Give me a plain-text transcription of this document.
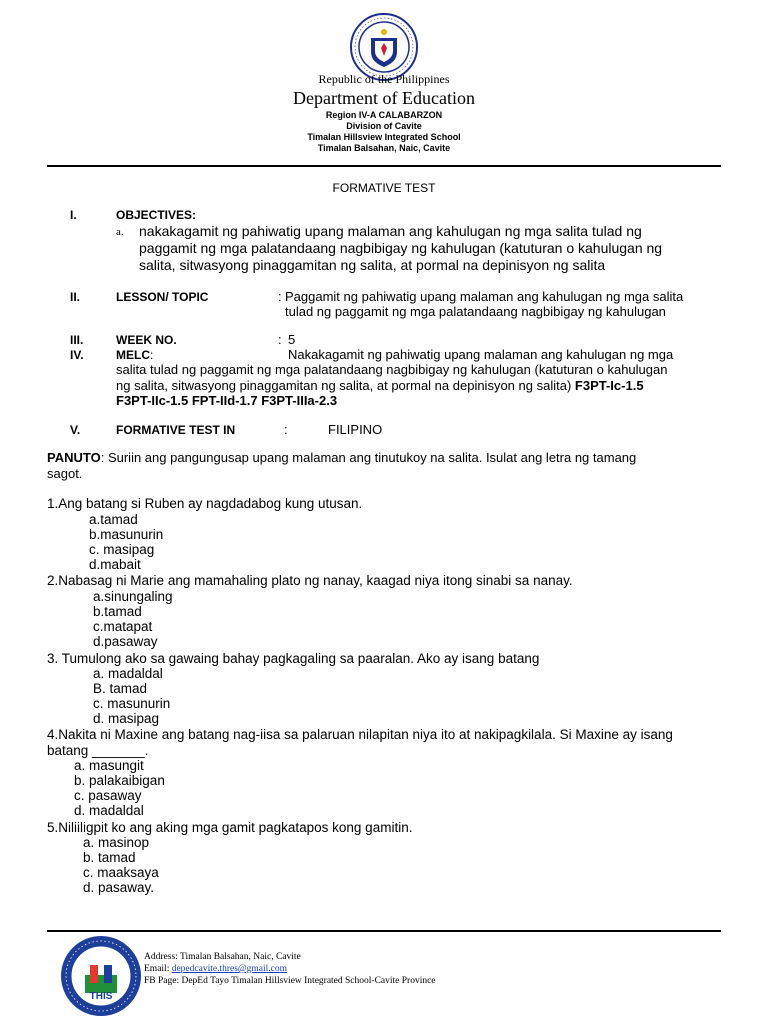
Republic of the Philippines
Department of Education
Region IV-A CALABARZON
Division of Cavite
Timalan Hillsview Integrated School
Timalan Balsahan, Naic, Cavite
FORMATIVE TEST
I.	OBJECTIVES:
a. nakakagamit ng pahiwatig upang malaman ang kahulugan ng mga salita tulad ng
paggamit ng mga palatandaang nagbibigay ng kahulugan (katuturan o kahulugan ng
salita, sitwasyong pinaggamitan ng salita, at pormal na depinisyon ng salita
II.	LESSON/ TOPIC	: Paggamit ng pahiwatig upang malaman ang kahulugan ng mga salita
tulad ng paggamit ng mga palatandaang nagbibigay ng kahulugan
III.	WEEK NO.	: 5
IV.	MELC:	Nakakagamit ng pahiwatig upang malaman ang kahulugan ng mga
salita tulad ng paggamit ng mga palatandaang nagbibigay ng kahulugan (katuturan o kahulugan
ng salita, sitwasyong pinaggamitan ng salita, at pormal na depinisyon ng salita) F3PT-Ic-1.5
F3PT-IIc-1.5 FPT-IId-1.7 F3PT-IIIa-2.3
V.	FORMATIVE TEST IN	:	FILIPINO
PANUTO: Suriin ang pangungusap upang malaman ang tinutukoy na salita. Isulat ang letra ng tamang
sagot.
1.Ang batang si Ruben ay nagdadabog kung utusan.
a.tamad
b.masunurin
c. masipag
d.mabait
2.Nabasag ni Marie ang mamahaling plato ng nanay, kaagad niya itong sinabi sa nanay.
a.sinungaling
b.tamad
c.matapat
d.pasaway
3. Tumulong ako sa gawaing bahay pagkagaling sa paaralan. Ako ay isang batang
a. madaldal
B. tamad
c. masunurin
d. masipag
4.Nakita ni Maxine ang batang nag-iisa sa palaruan nilapitan niya ito at nakipagkilala. Si Maxine ay isang
batang _______.
a. masungit
b. palakaibigan
c. pasaway
d. madaldal
5.Niliiligpit ko ang aking mga gamit pagkatapos kong gamitin.
a. masinop
b. tamad
c. maaksaya
d. pasaway.
THIS
Address: Timalan Balsahan, Naic, Cavite
Email: depedcavite.thres@gmail.com
FB Page: DepEd Tayo Timalan Hillsview Integrated School-Cavite Province
